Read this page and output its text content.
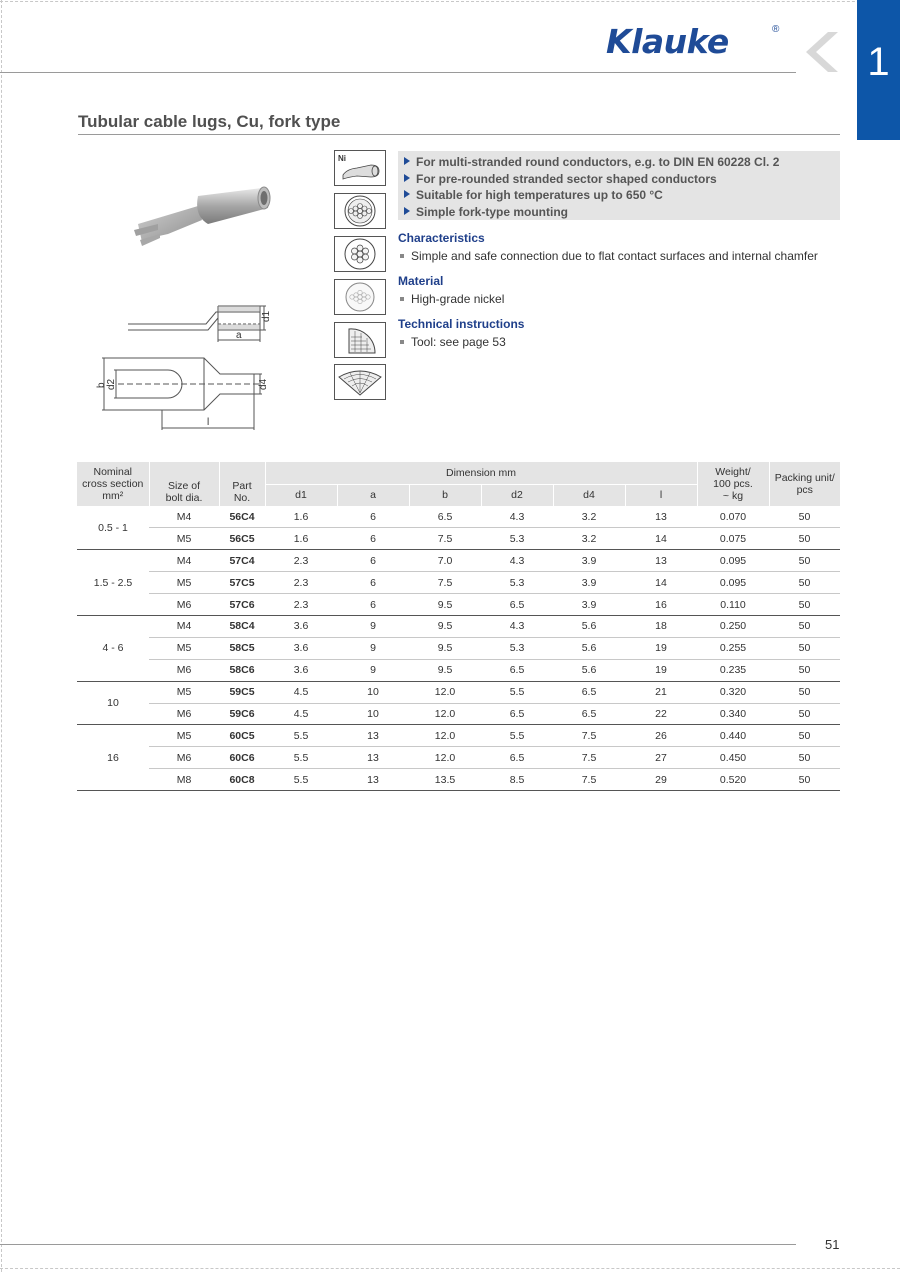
Klauke	®
1
Tubular cable lugs, Cu, fork type
d1
a
b d2	d4
l
Ni	For multi-stranded round conductors, e.g. to DIN EN 60228 Cl. 2
For pre-rounded stranded sector shaped conductors
Suitable for high temperatures up to 650 °C
Simple fork-type mounting
Characteristics
Simple and safe connection due to flat contact surfaces and internal chamfer
Material
High-grade nickel
Technical instructions
Tool: see page 53
Nominal
cross section
mm²	Size of
bolt dia.	Part
No.	Dimension mm						Weight/
100 pcs.
~ kg	Packing unit/
pcs
			d1	a	b	d2	d4	l		
0.5 - 1	M4	56C4	1.6	6	6.5	4.3	3.2	13	0.070	50
	M5	56C5	1.6	6	7.5	5.3	3.2	14	0.075	50
1.5 - 2.5	M4	57C4	2.3	6	7.0	4.3	3.9	13	0.095	50
	M5	57C5	2.3	6	7.5	5.3	3.9	14	0.095	50
	M6	57C6	2.3	6	9.5	6.5	3.9	16	0.110	50
4 - 6	M4	58C4	3.6	9	9.5	4.3	5.6	18	0.250	50
	M5	58C5	3.6	9	9.5	5.3	5.6	19	0.255	50
	M6	58C6	3.6	9	9.5	6.5	5.6	19	0.235	50
10	M5	59C5	4.5	10	12.0	5.5	6.5	21	0.320	50
	M6	59C6	4.5	10	12.0	6.5	6.5	22	0.340	50
16	M5	60C5	5.5	13	12.0	5.5	7.5	26	0.440	50
	M6	60C6	5.5	13	12.0	6.5	7.5	27	0.450	50
	M8	60C8	5.5	13	13.5	8.5	7.5	29	0.520	50
51
